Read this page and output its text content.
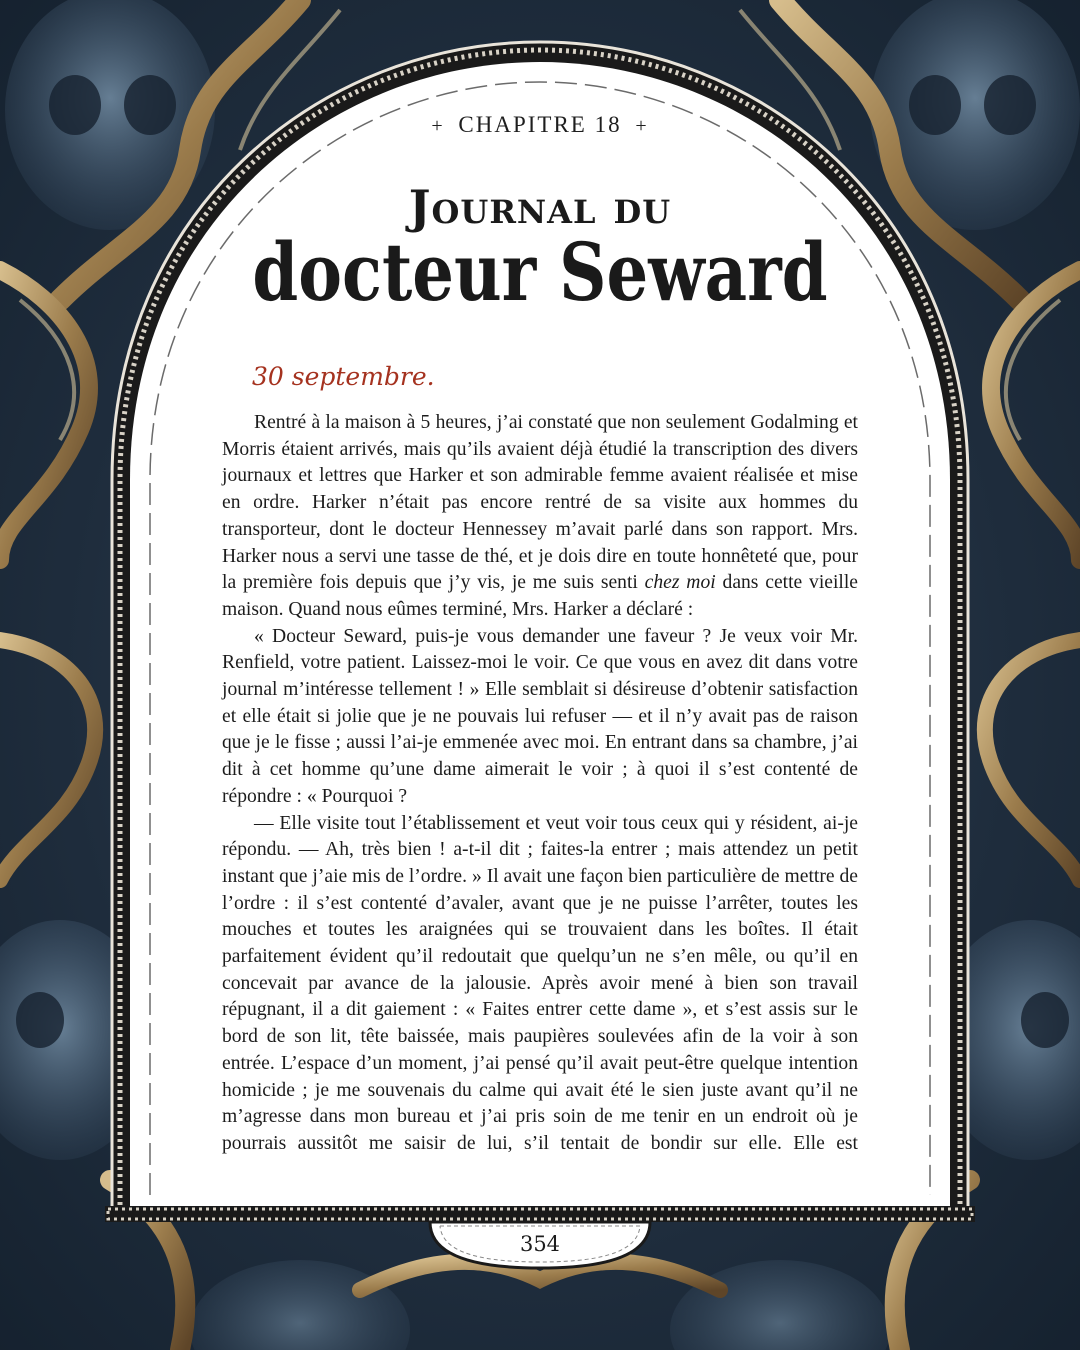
+ CHAPITRE 18 +
Journal du
docteur Seward
30 septembre.

Rentré à la maison à 5 heures, j’ai constaté que non seulement Godalming et Morris étaient arrivés, mais qu’ils avaient déjà étudié la transcription des divers journaux et lettres que Harker et son admirable femme avaient réalisée et mise en ordre. Harker n’était pas encore rentré de sa visite aux hommes du transporteur, dont le docteur Hennessey m’avait parlé dans son rapport. Mrs. Harker nous a servi une tasse de thé, et je dois dire en toute honnêteté que, pour la première fois depuis que j’y vis, je me suis senti chez moi dans cette vieille maison. Quand nous eûmes terminé, Mrs. Harker a déclaré :

« Docteur Seward, puis-je vous demander une faveur ? Je veux voir Mr. Renfield, votre patient. Laissez-moi le voir. Ce que vous en avez dit dans votre journal m’intéresse tellement ! » Elle semblait si désireuse d’obtenir satisfaction et elle était si jolie que je ne pouvais lui refuser — et il n’y avait pas de raison que je le fisse ; aussi l’ai-je emmenée avec moi. En entrant dans sa chambre, j’ai dit à cet homme qu’une dame aimerait le voir ; à quoi il s’est contenté de répondre : « Pourquoi ?

— Elle visite tout l’établissement et veut voir tous ceux qui y résident, ai-je répondu. — Ah, très bien ! a-t-il dit ; faites-la entrer ; mais attendez un petit instant que j’aie mis de l’ordre. » Il avait une façon bien particulière de mettre de l’ordre : il s’est contenté d’avaler, avant que je ne puisse l’arrêter, toutes les mouches et toutes les araignées qui se trouvaient dans les boîtes. Il était parfaitement évident qu’il redoutait que quelqu’un ne s’en mêle, ou qu’il en concevait par avance de la jalousie. Après avoir mené à bien son travail répugnant, il a dit gaiement : « Faites entrer cette dame », et s’est assis sur le bord de son lit, tête baissée, mais paupières soulevées afin de la voir à son entrée. L’espace d’un moment, j’ai pensé qu’il avait peut-être quelque intention homicide ; je me souvenais du calme qui avait été le sien juste avant qu’il ne m’agresse dans mon bureau et j’ai pris soin de me tenir en un endroit où je pourrais aussitôt me saisir de lui, s’il tentait de bondir sur elle. Elle est

354
